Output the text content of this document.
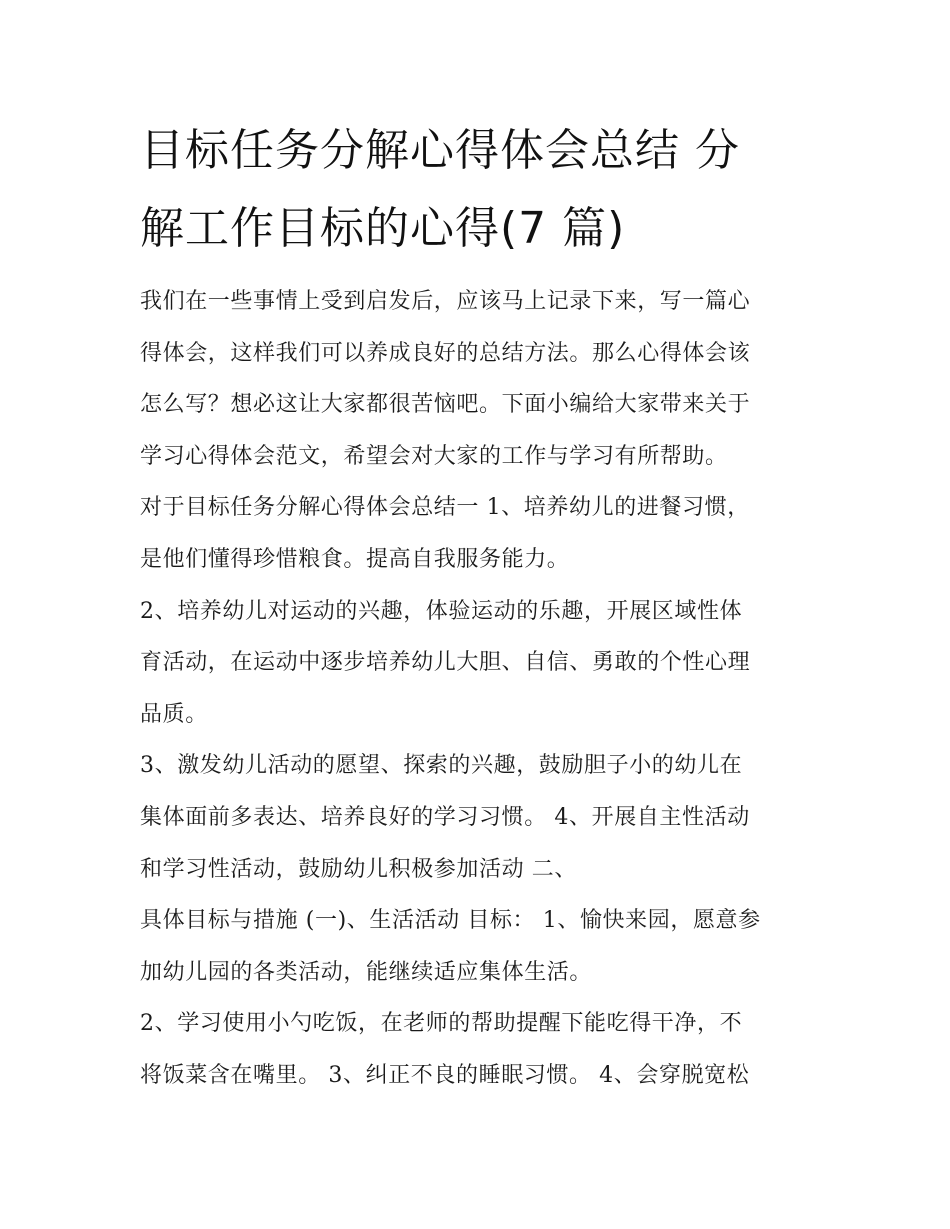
目标任务分解心得体会总结 分
解工作目标的心得(7 篇)
我们在一些事情上受到启发后，应该马上记录下来，写一篇心
得体会，这样我们可以养成良好的总结方法。那么心得体会该
怎么写？想必这让大家都很苦恼吧。下面小编给大家带来关于
学习心得体会范文，希望会对大家的工作与学习有所帮助。
对于目标任务分解心得体会总结一 1、培养幼儿的进餐习惯，
是他们懂得珍惜粮食。提高自我服务能力。
2、培养幼儿对运动的兴趣，体验运动的乐趣，开展区域性体
育活动，在运动中逐步培养幼儿大胆、自信、勇敢的个性心理
品质。
3、激发幼儿活动的愿望、探索的兴趣，鼓励胆子小的幼儿在
集体面前多表达、培养良好的学习习惯。 4、开展自主性活动
和学习性活动，鼓励幼儿积极参加活动 二、
具体目标与措施 (一)、生活活动 目标： 1、愉快来园，愿意参
加幼儿园的各类活动，能继续适应集体生活。
2、学习使用小勺吃饭，在老师的帮助提醒下能吃得干净，不
将饭菜含在嘴里。 3、纠正不良的睡眠习惯。 4、会穿脱宽松
